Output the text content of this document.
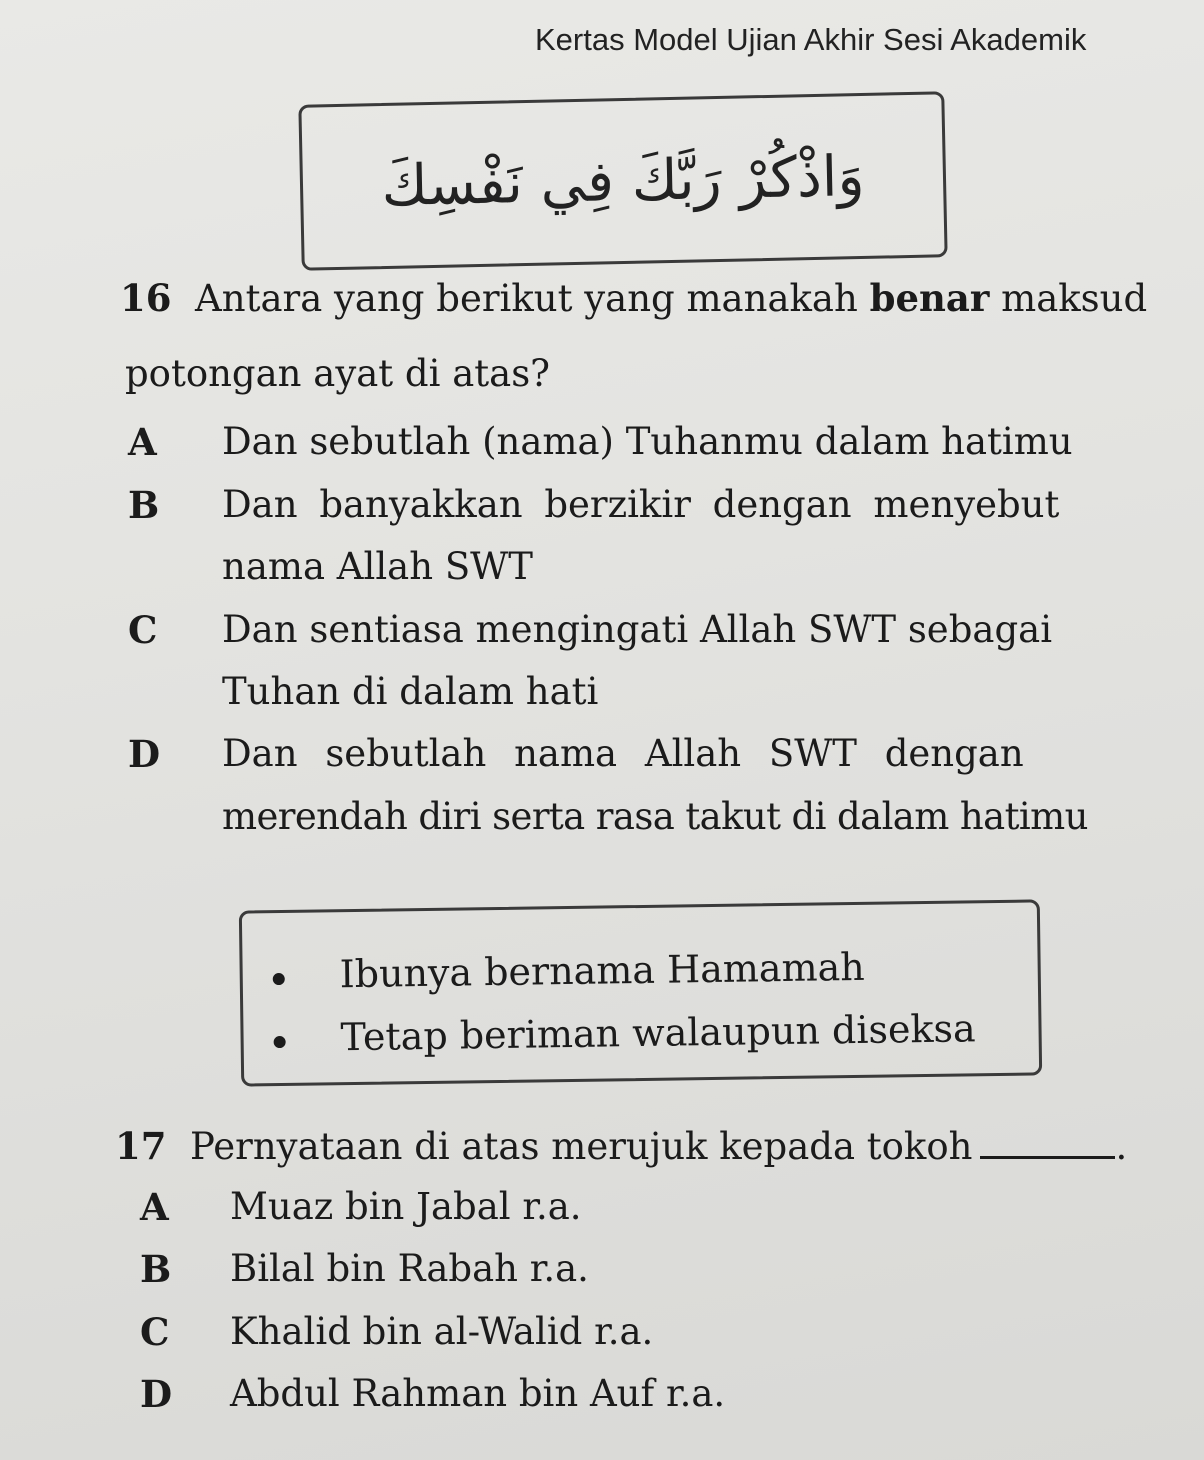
Kertas Model Ujian Akhir Sesi Akademik
وَاذْكُرْ رَبَّكَ فِي نَفْسِكَ
16 Antara yang berikut yang manakah benar maksud
potongan ayat di atas?
A Dan sebutlah (nama) Tuhanmu dalam hatimu
B Dan banyakkan berzikir dengan menyebut
nama Allah SWT
C Dan sentiasa mengingati Allah SWT sebagai
Tuhan di dalam hati
D Dan sebutlah nama Allah SWT dengan
merendah diri serta rasa takut di dalam hatimu
Ibunya bernama Hamamah
Tetap beriman walaupun diseksa
17 Pernyataan di atas merujuk kepada tokoh	.
A Muaz bin Jabal r.a.
B Bilal bin Rabah r.a.
C Khalid bin al-Walid r.a.
D Abdul Rahman bin Auf r.a.
